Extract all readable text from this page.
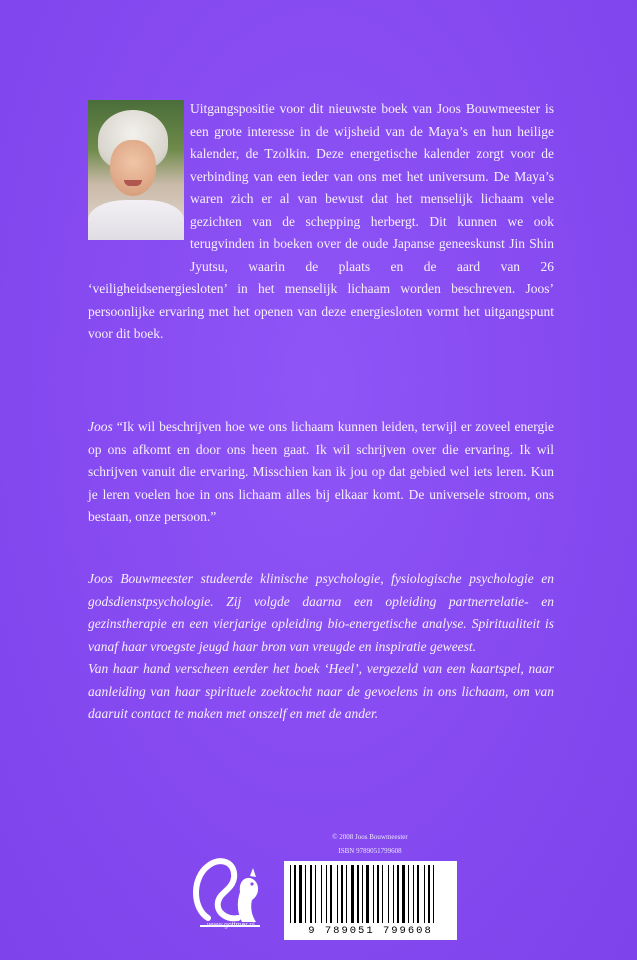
Uitgangspositie voor dit nieuwste boek van Joos Bouwmeester is een grote interesse in de wijsheid van de Maya’s en hun heilige kalender, de Tzolkin. Deze energetische kalender zorgt voor de verbinding van een ieder van ons met het universum. De Maya’s waren zich er al van bewust dat het menselijk lichaam vele gezichten van de schepping herbergt. Dit kunnen we ook terugvinden in boeken over de oude Japanse geneeskunst Jin Shin Jyutsu, waarin de plaats en de aard van 26 ‘veiligheidsenergiesloten’ in het menselijk lichaam worden beschreven. Joos’ persoonlijke ervaring met het openen van deze energiesloten vormt het uitgangspunt voor dit boek.
Joos “Ik wil beschrijven hoe we ons lichaam kunnen leiden, terwijl er zoveel energie op ons afkomt en door ons heen gaat. Ik wil schrijven over die ervaring. Ik wil schrijven vanuit die ervaring. Misschien kan ik jou op dat gebied wel iets leren. Kun je leren voelen hoe in ons lichaam alles bij elkaar komt. De universele stroom, ons bestaan, onze persoon.”

Joos Bouwmeester studeerde klinische psychologie, fysiologische psychologie en godsdienstpsychologie. Zij volgde daarna een opleiding partnerrelatie- en gezinstherapie en een vierjarige opleiding bio-energetische analyse. Spiritualiteit is vanaf haar vroegste jeugd haar bron van vreugde en inspiratie geweest.

Van haar hand verscheen eerder het boek ‘Heel’, vergezeld van een kaartspel, naar aanleiding van haar spirituele zoektocht naar de gevoelens in ons lichaam, om van daaruit contact te maken met onszelf en met de ander.

© 2008 Joos Bouwmeester
ISBN 9789051799608
www.gottmer.nl	9 789051 799608
